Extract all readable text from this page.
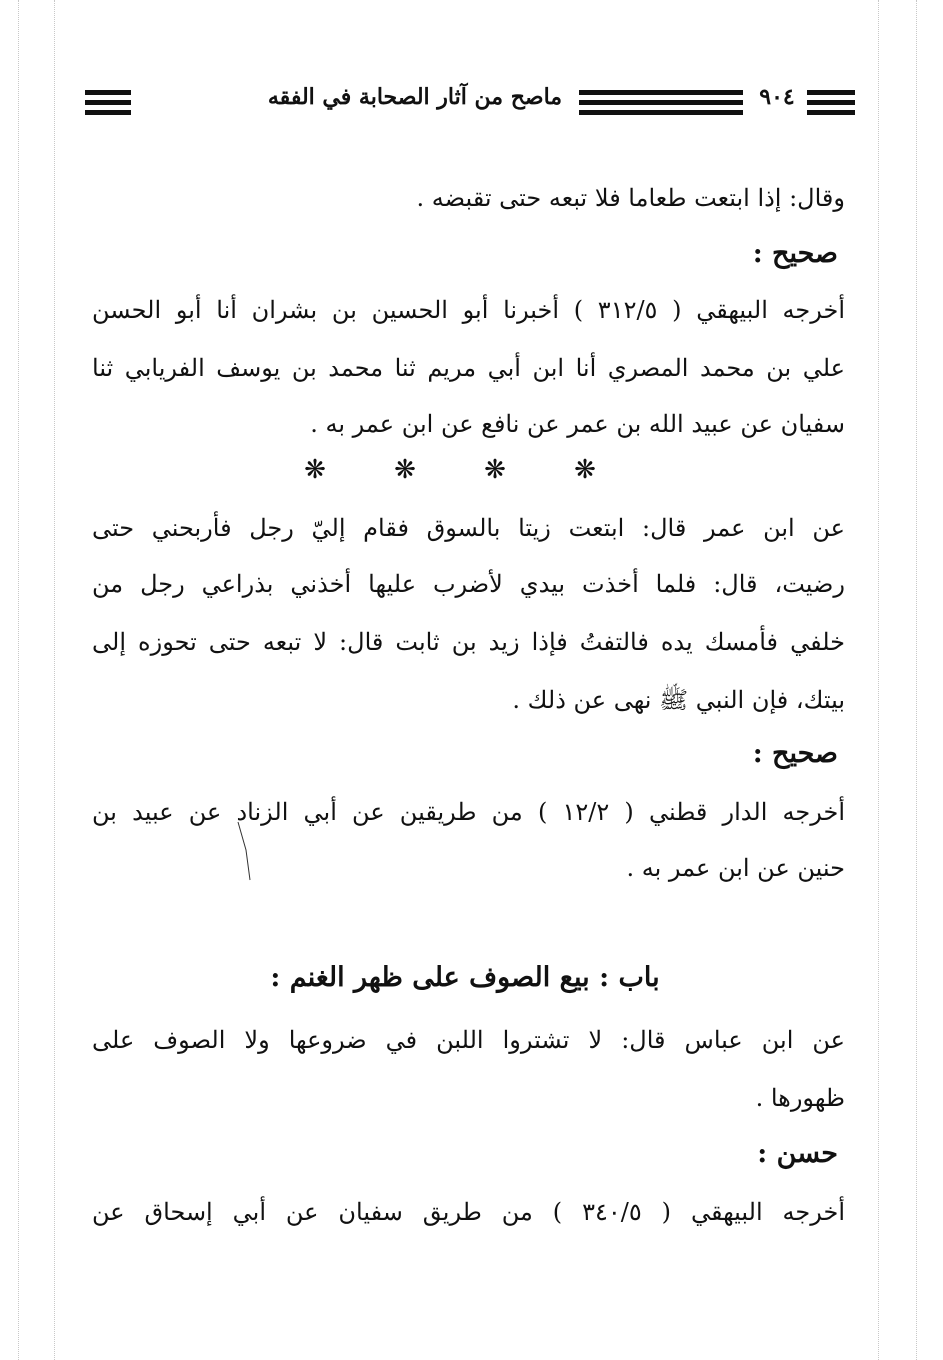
ماصح من آثار الصحابة في الفقه	٩٠٤
وقال: إذا ابتعت طعاما فلا تبعه حتى تقبضه .
صحيح :
أخرجه البيهقي ( ٣١٢/٥ ) أخبرنا أبو الحسين بن بشران أنا أبو الحسن
علي بن محمد المصري أنا ابن أبي مريم ثنا محمد بن يوسف الفريابي ثنا
سفيان عن عبيد الله بن عمر عن نافع عن ابن عمر به .
❋	❋	❋	❋
عن ابن عمر قال: ابتعت زيتا بالسوق فقام إليّ رجل فأربحني حتى
رضيت، قال: فلما أخذت بيدي لأضرب عليها أخذني بذراعي رجل من
خلفي فأمسك يده فالتفتُ فإذا زيد بن ثابت قال: لا تبعه حتى تحوزه إلى
بيتك، فإن النبي ﷺ نهى عن ذلك .
صحيح :
أخرجه الدار قطني ( ١٢/٢ ) من طريقين عن أبي الزناد عن عبيد بن
حنين عن ابن عمر به .
باب : بيع الصوف على ظهر الغنم :
عن ابن عباس قال: لا تشتروا اللبن في ضروعها ولا الصوف على
ظهورها .
حسن :
أخرجه البيهقي ( ٣٤٠/٥ ) من طريق سفيان عن أبي إسحاق عن
